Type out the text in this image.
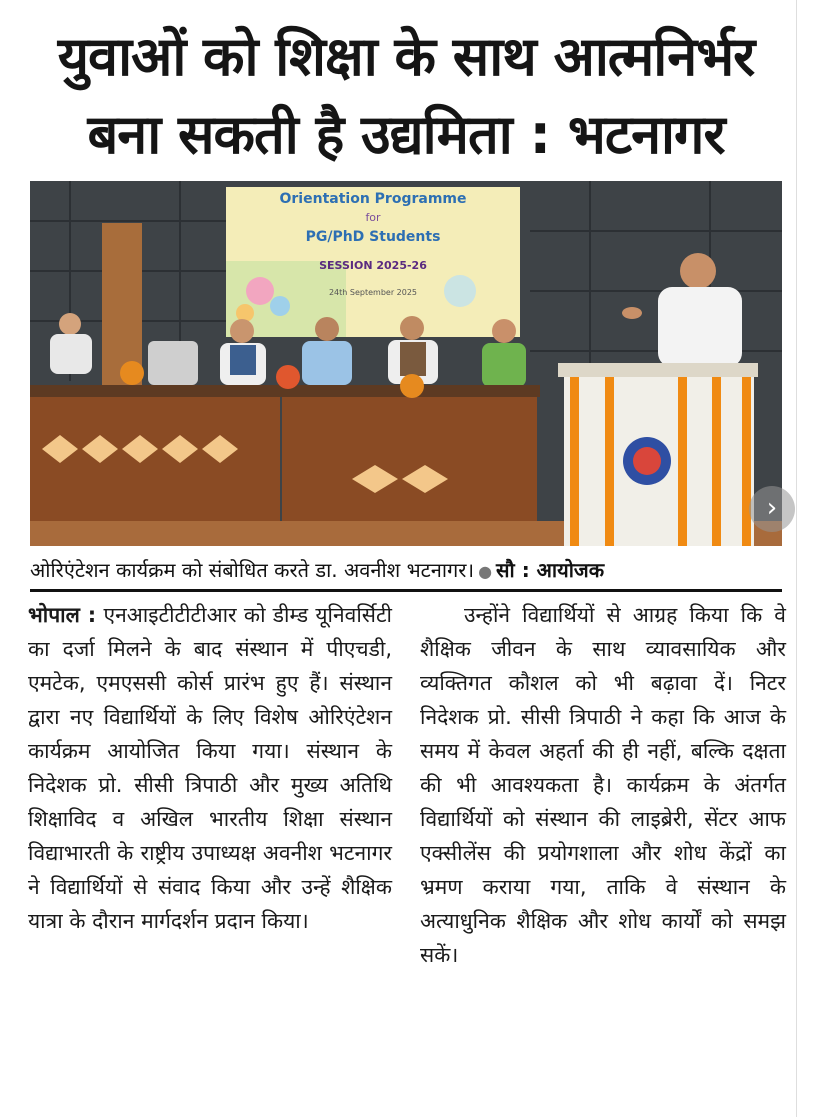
युवाओं को शिक्षा के साथ आत्मनिर्भर
बना सकती है उद्यमिता : भटनागर
Orientation Programme
for
PG/PhD Students
SESSION 2025-26
24th September 2025
›
ओरिएंटेशन कार्यक्रम को संबोधित करते डा. अवनीश भटनागर। ● सौ : आयोजक
भोपाल : एनआइटीटीटीआर को डीम्ड यूनिवर्सिटी का दर्जा मिलने के बाद संस्थान में पीएचडी, एमटेक, एमएससी कोर्स प्रारंभ हुए हैं। संस्थान द्वारा नए विद्यार्थियों के लिए विशेष ओरिएंटेशन कार्यक्रम आयोजित किया गया। संस्थान के निदेशक प्रो. सीसी त्रिपाठी और मुख्य अतिथि शिक्षाविद व अखिल भारतीय शिक्षा संस्थान विद्याभारती के राष्ट्रीय उपाध्यक्ष अवनीश भटनागर ने विद्यार्थियों से संवाद किया और उन्हें शैक्षिक यात्रा के दौरान मार्गदर्शन प्रदान किया।
उन्होंने विद्यार्थियों से आग्रह किया कि वे शैक्षिक जीवन के साथ व्यावसायिक और व्यक्तिगत कौशल को भी बढ़ावा दें। निटर निदेशक प्रो. सीसी त्रिपाठी ने कहा कि आज के समय में केवल अहर्ता की ही नहीं, बल्कि दक्षता की भी आवश्यकता है। कार्यक्रम के अंतर्गत विद्यार्थियों को संस्थान की लाइब्रेरी, सेंटर आफ एक्सीलेंस की प्रयोगशाला और शोध केंद्रों का भ्रमण कराया गया, ताकि वे संस्थान के अत्याधुनिक शैक्षिक और शोध कार्यों को समझ सकें।
